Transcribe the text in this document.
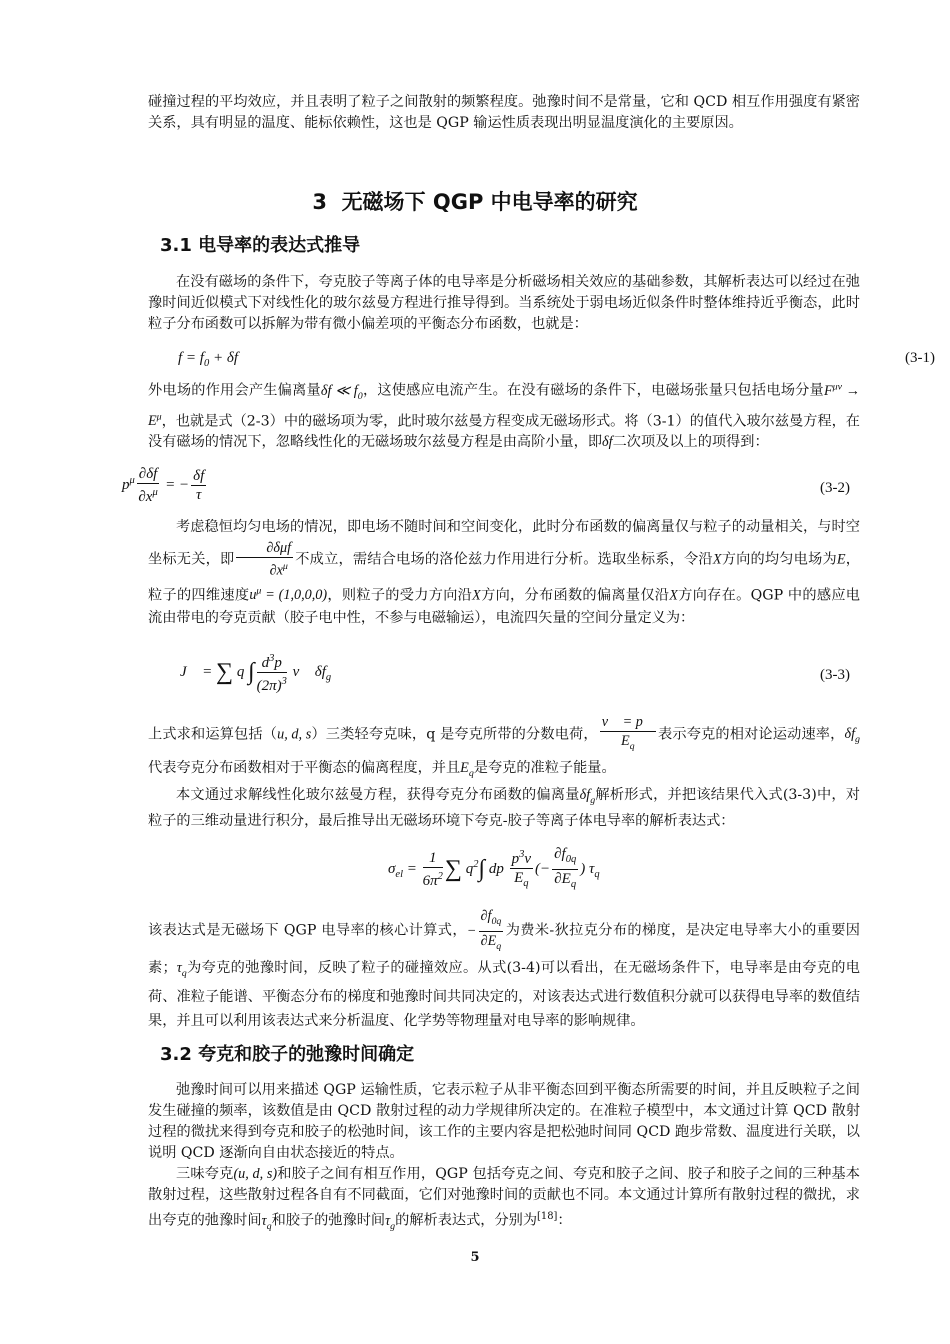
碰撞过程的平均效应，并且表明了粒子之间散射的频繁程度。弛豫时间不是常量，它和 QCD 相互作用强度有紧密关系，具有明显的温度、能标依赖性，这也是 QGP 输运性质表现出明显温度演化的主要原因。

3 无磁场下 QGP 中电导率的研究
3.1 电导率的表达式推导

在没有磁场的条件下，夸克胶子等离子体的电导率是分析磁场相关效应的基础参数，其解析表达可以经过在弛豫时间近似模式下对线性化的玻尔兹曼方程进行推导得到。当系统处于弱电场近似条件时整体维持近乎衡态，此时粒子分布函数可以拆解为带有微小偏差项的平衡态分布函数，也就是：

$f = f_0 + \delta f$	(3-1)

外电场的作用会产生偏离量δf ≪ $f_0$，这使感应电流产生。在没有磁场的条件下，电磁场张量只包括电场分量$F^{\mu\nu} \to E^\mu$，也就是式（2-3）中的磁场项为零，此时玻尔兹曼方程变成无磁场形式。将（3-1）的值代入玻尔兹曼方程，在没有磁场的情况下，忽略线性化的无磁场玻尔兹曼方程是由高阶小量，即δf二次项及以上的项得到：

$p^\mu \frac{\partial\delta f}{\partial x^\mu}$ = − $\frac{\delta f}{\tau}$	(3-2)

考虑稳恒均匀电场的情况，即电场不随时间和空间变化，此时分布函数的偏离量仅与粒子的动量相关，与时空坐标无关，即 $\frac{\text{∂δμf}}{\partial x^\mu}$ 不成立，需结合电场的洛伦兹力作用进行分析。选取坐标系，令沿X方向的均匀电场为E，粒子的四维速度$u^\mu = (1,0,0,0)$，则粒子的受力方向沿X方向，分布函数的偏离量仅沿X方向存在。QGP 中的感应电流由带电的夸克贡献（胶子电中性，不参与电磁输运），电流四矢量的空间分量定义为：

J⃗ = ∑ q ∫ $\frac{d^3p}{(2\pi)^3}$ v⃗ $\delta f_g$	(3-3)

上式求和运算包括（u, d, s）三类轻夸克味，q 是夸克所带的分数电荷， $\frac{v⃗ = p⃗}{E_q}$ 表示夸克的相对论运动速率，$\delta f_g$代表夸克分布函数相对于平衡态的偏离程度，并且$E_q$是夸克的准粒子能量。

本文通过求解线性化玻尔兹曼方程，获得夸克分布函数的偏离量$\delta f_g$解析形式，并把该结果代入式(3-3)中，对粒子的三维动量进行积分，最后推导出无磁场环境下夸克-胶子等离子体电导率的解析表达式：

$\sigma_{el} = \frac{1}{6\pi^2}$ ∑ $q^2\int$ dp $\frac{p^3v}{E_q}$ (− $\frac{\partial f_{0q}}{\partial E_q}$ ) $\tau_q$

该表达式是无磁场下 QGP 电导率的核心计算式，− $\frac{\partial f_{0q}}{\partial E_q}$ 为费米-狄拉克分布的梯度，是决定电导率大小的重要因素；$\tau_q$为夸克的弛豫时间，反映了粒子的碰撞效应。从式(3-4)可以看出，在无磁场条件下，电导率是由夸克的电荷、准粒子能谱、平衡态分布的梯度和弛豫时间共同决定的，对该表达式进行数值积分就可以获得电导率的数值结果，并且可以利用该表达式来分析温度、化学势等物理量对电导率的影响规律。

3.2 夸克和胶子的弛豫时间确定

弛豫时间可以用来描述 QGP 运输性质，它表示粒子从非平衡态回到平衡态所需要的时间，并且反映粒子之间发生碰撞的频率，该数值是由 QCD 散射过程的动力学规律所决定的。在准粒子模型中，本文通过计算 QCD 散射过程的微扰来得到夸克和胶子的松弛时间，该工作的主要内容是把松弛时间同 QCD 跑步常数、温度进行关联，以说明 QCD 逐渐向自由状态接近的特点。

三味夸克(u, d, s)和胶子之间有相互作用，QGP 包括夸克之间、夸克和胶子之间、胶子和胶子之间的三种基本散射过程，这些散射过程各自有不同截面，它们对弛豫时间的贡献也不同。本文通过计算所有散射过程的微扰，求出夸克的弛豫时间$\tau_q$和胶子的弛豫时间$\tau_g$的解析表达式，分别为[18]：

5
